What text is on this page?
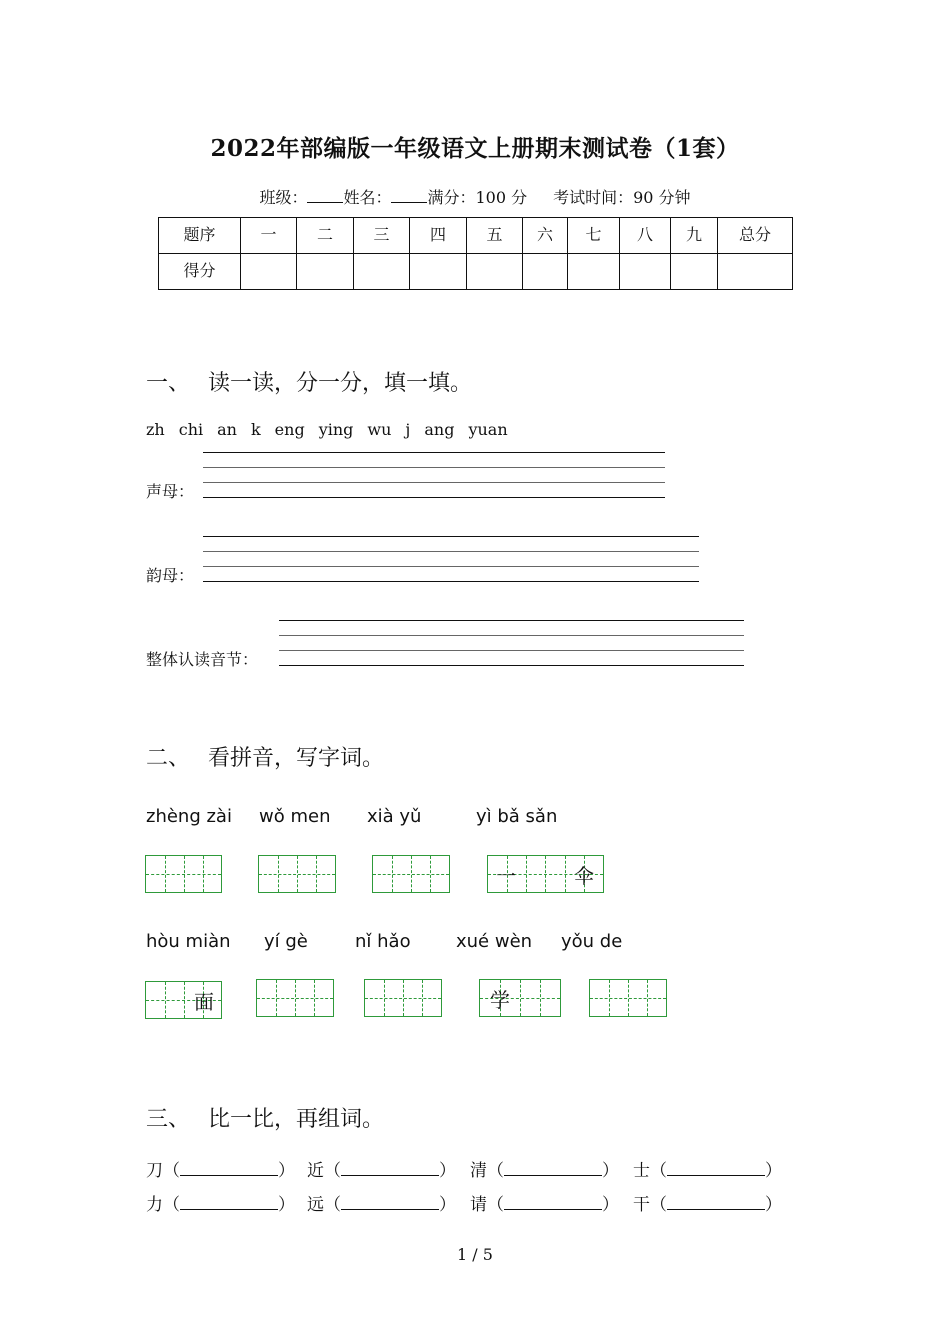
2022年部编版一年级语文上册期末测试卷（1套）
班级： 姓名： 满分：100 分 考试时间：90 分钟
题序	一	二	三	四	五	六	七	八	九	总分
得分										
一、 读一读，分一分，填一填。
zh chi an k eng ying wu j ang yuan
声母：
韵母：
整体认读音节：
二、 看拼音，写字词。
zhèng zài wǒ men xià yǔ	yì bǎ sǎn
一	伞
hòu miàn yí gè	nǐ hǎo	xué wèn yǒu de
面	学
三、 比一比，再组词。
刀（	） 近（	） 清（	） 士（	）
力（	） 远（	） 请（	） 干（	）
1 / 5
